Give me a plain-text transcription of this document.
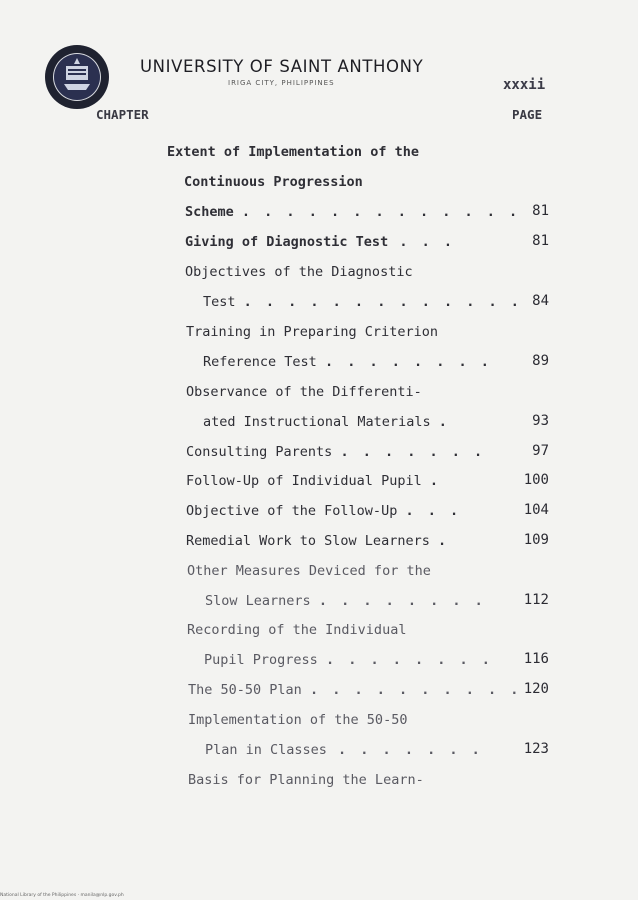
UNIVERSITY OF SAINT ANTHONY
IRIGA CITY, PHILIPPINES	xxxii
CHAPTER	PAGE
Extent of Implementation of the
Continuous Progression
Scheme . . . . . . . . . . . . . 81
Giving of Diagnostic Test . . .	81
Objectives of the Diagnostic
Test . . . . . . . . . . . . . 84
Training in Preparing Criterion
Reference Test . . . . . . . .	89
Observance of the Differenti-
ated Instructional Materials .	93
Consulting Parents . . . . . . .	97
Follow-Up of Individual Pupil .	100
Objective of the Follow-Up . . .	104
Remedial Work to Slow Learners .	109
Other Measures Deviced for the
Slow Learners . . . . . . . .	112
Recording of the Individual
Pupil Progress . . . . . . . . 116
The 50-50 Plan . . . . . . . . . . 120
Implementation of the 50-50
Plan in Classes . . . . . . .	123
Basis for Planning the Learn-
National Library of the Philippines · manila@nlp.gov.ph
